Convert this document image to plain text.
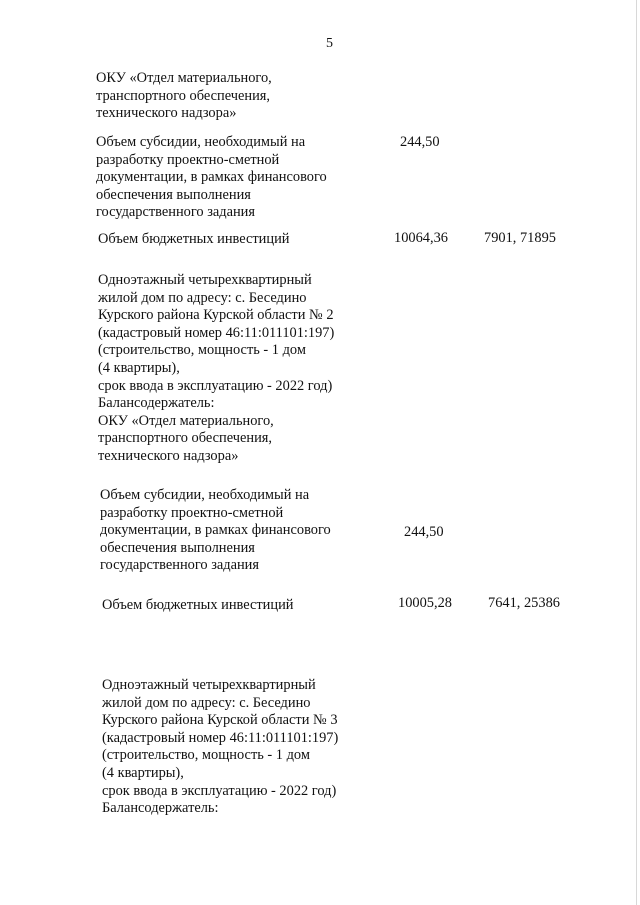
5
ОКУ «Отдел материального,
транспортного обеспечения,
технического надзора»
Объем субсидии, необходимый на
разработку проектно-сметной
документации, в рамках финансового
обеспечения выполнения
государственного задания
244,50
Объем бюджетных инвестиций	10064,36	7901, 71895
Одноэтажный четырехквартирный
жилой дом по адресу: с. Беседино
Курского района Курской области № 2
(кадастровый номер 46:11:011101:197)
(строительство, мощность - 1 дом
(4 квартиры),
срок ввода в эксплуатацию - 2022 год)
Балансодержатель:
ОКУ «Отдел материального,
транспортного обеспечения,
технического надзора»
Объем субсидии, необходимый на
разработку проектно-сметной
документации, в рамках финансового
обеспечения выполнения
государственного задания
244,50
Объем бюджетных инвестиций	10005,28	7641, 25386
Одноэтажный четырехквартирный
жилой дом по адресу: с. Беседино
Курского района Курской области № 3
(кадастровый номер 46:11:011101:197)
(строительство, мощность - 1 дом
(4 квартиры),
срок ввода в эксплуатацию - 2022 год)
Балансодержатель:
